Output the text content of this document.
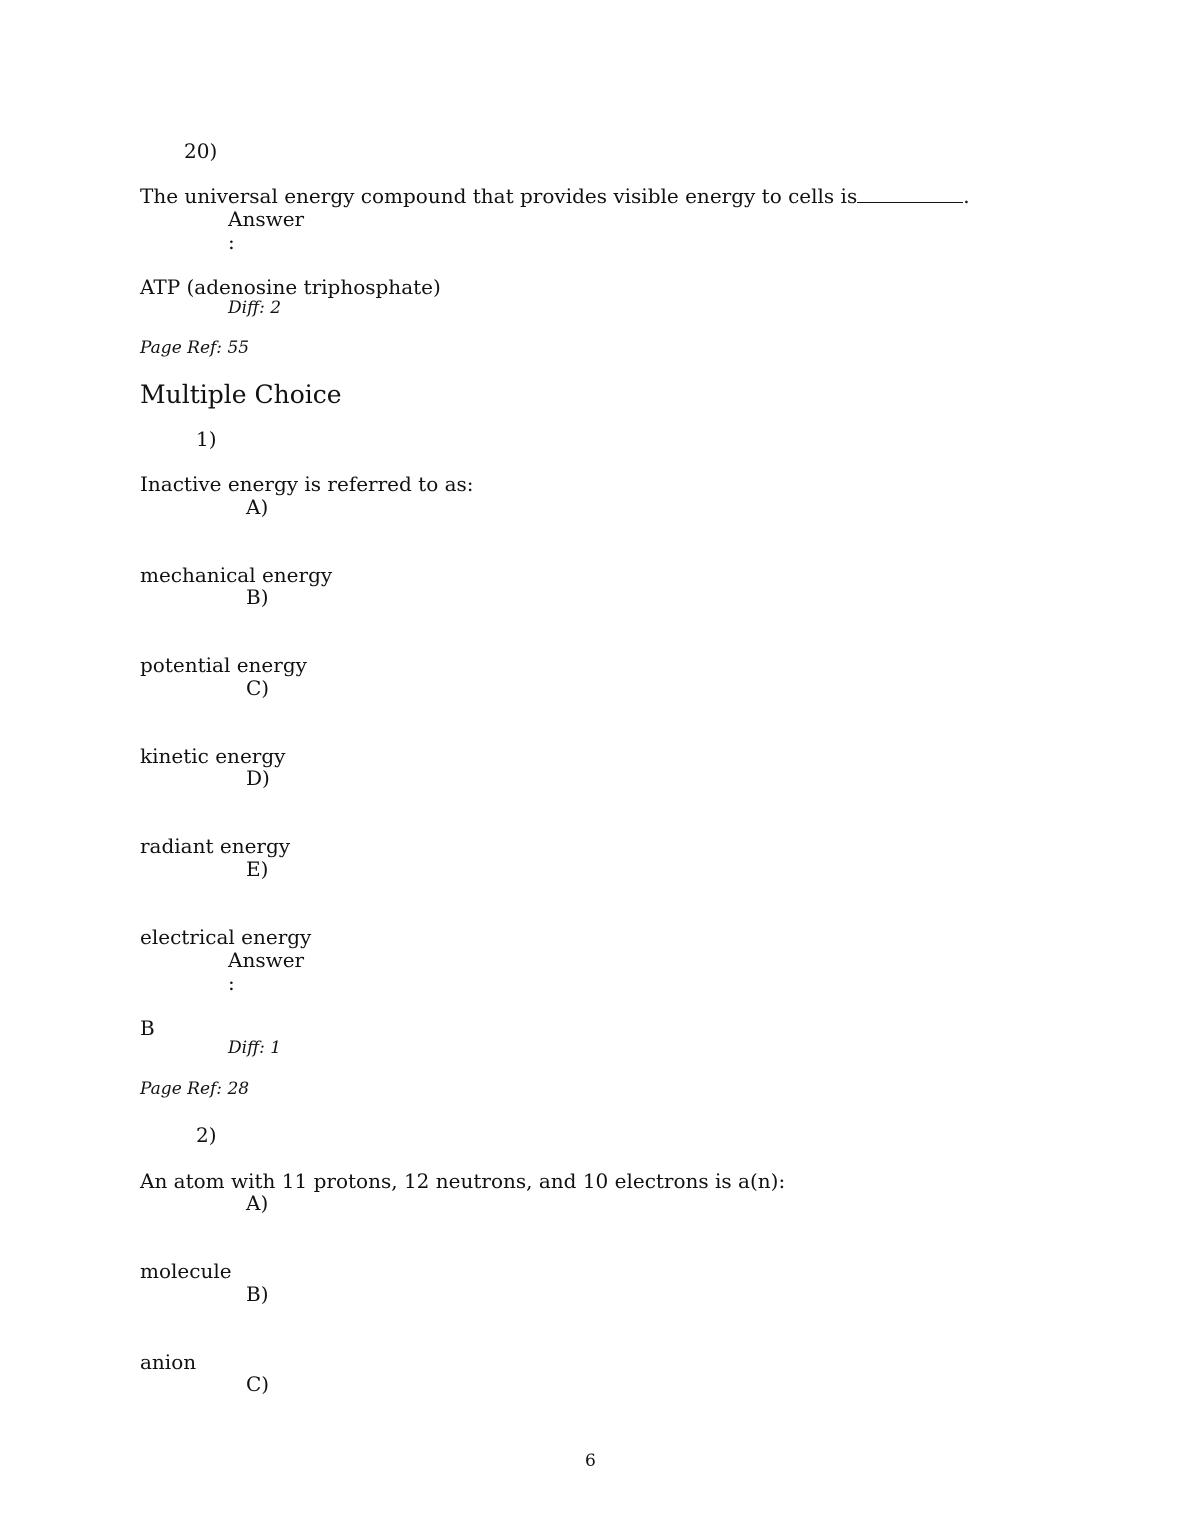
20)
The universal energy compound that provides visible energy to cells is	.
Answer
:
ATP (adenosine triphosphate)
Diff: 2
Page Ref: 55
Multiple Choice
1)
Inactive energy is referred to as:
A)
mechanical energy
B)
potential energy
C)
kinetic energy
D)
radiant energy
E)
electrical energy
Answer
:
B
Diff: 1
Page Ref: 28
2)
An atom with 11 protons, 12 neutrons, and 10 electrons is a(n):
A)
molecule
B)
anion
C)
6
